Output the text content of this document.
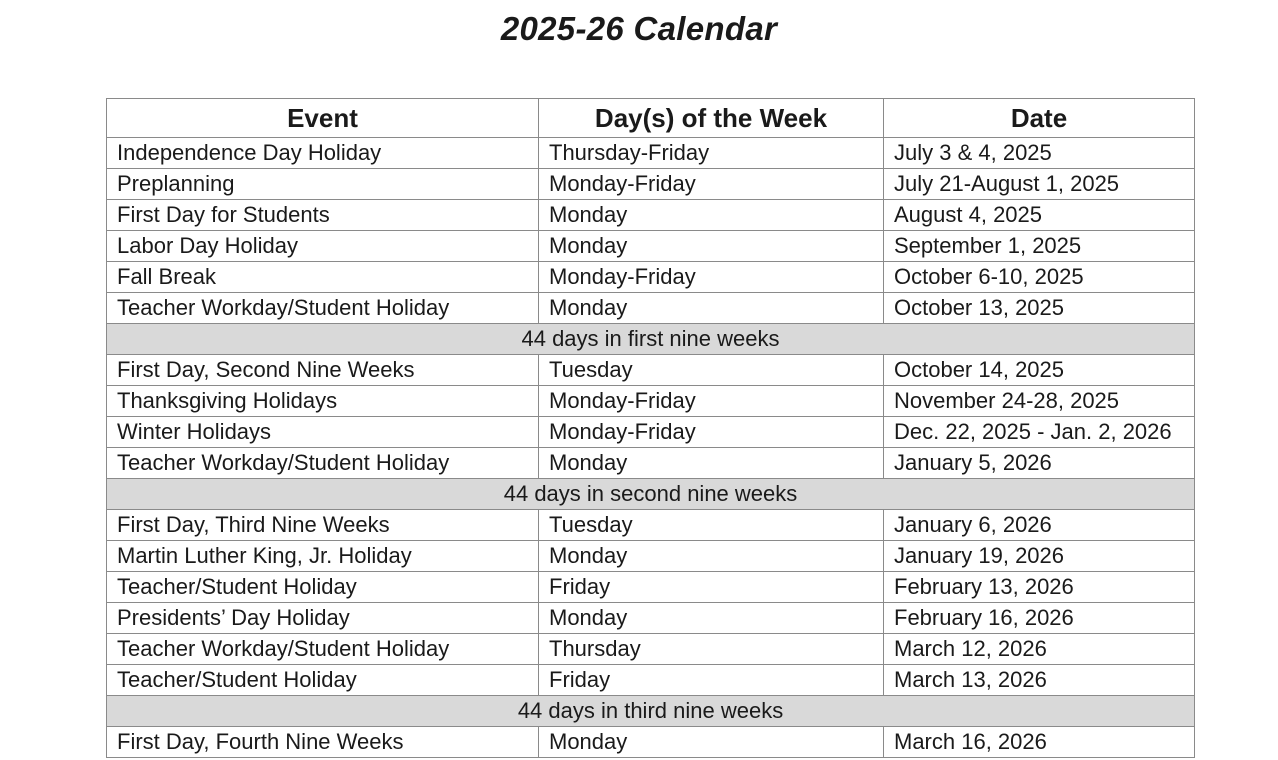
2025-26 Calendar
Event	Day(s) of the Week	Date
Independence Day Holiday	Thursday-Friday	July 3 & 4, 2025
Preplanning	Monday-Friday	July 21-August 1, 2025
First Day for Students	Monday	August 4, 2025
Labor Day Holiday	Monday	September 1, 2025
Fall Break	Monday-Friday	October 6-10, 2025
Teacher Workday/Student Holiday	Monday	October 13, 2025
44 days in first nine weeks		
First Day, Second Nine Weeks	Tuesday	October 14, 2025
Thanksgiving Holidays	Monday-Friday	November 24-28, 2025
Winter Holidays	Monday-Friday	Dec. 22, 2025 - Jan. 2, 2026
Teacher Workday/Student Holiday	Monday	January 5, 2026
44 days in second nine weeks		
First Day, Third Nine Weeks	Tuesday	January 6, 2026
Martin Luther King, Jr. Holiday	Monday	January 19, 2026
Teacher/Student Holiday	Friday	February 13, 2026
Presidents’ Day Holiday	Monday	February 16, 2026
Teacher Workday/Student Holiday	Thursday	March 12, 2026
Teacher/Student Holiday	Friday	March 13, 2026
44 days in third nine weeks		
First Day, Fourth Nine Weeks	Monday	March 16, 2026
